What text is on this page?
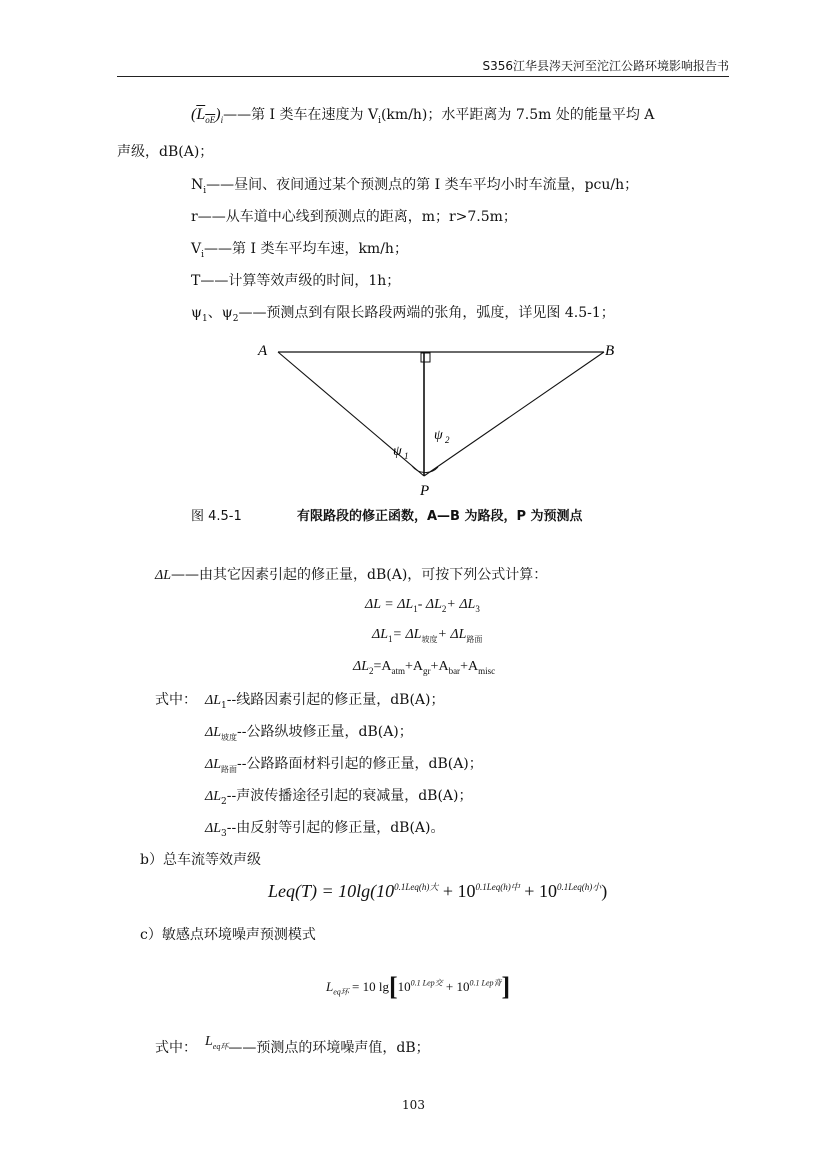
S356江华县涔天河至沱江公路环境影响报告书
$(L_{oE})_i——$第 I 类车在速度为 $V_i(km/h)$；水平距离为 7.5m 处的能量平均 A
声级，dB(A)；
$N_i——$昼间、夜间通过某个预测点的第 I 类车平均小时车流量，pcu/h；
r——从车道中心线到预测点的距离，m；r>7.5m；
$V_i——$第 I 类车平均车速，km/h；
T——计算等效声级的时间，1h；
$\psi_1$、$\psi_2——$预测点到有限长路段两端的张角，弧度，详见图 4.5-1；
A	B
P
ψ 1
ψ 2
图 4.5-1	有限路段的修正函数，A—B 为路段，P 为预测点
ΔL——由其它因素引起的修正量，dB(A)，可按下列公式计算：
$\Delta L = \Delta L_1-$ $\Delta L_2+ \Delta L_3$
$\Delta L_1= \Delta L_{坡度}+ \Delta L_{路面}$
$\Delta L_2=A_{atm}+A_{gr}+A_{bar}+A_{misc}$
式中： $\Delta L_1--$线路因素引起的修正量，dB(A)；
$\Delta L_{坡度}--$公路纵坡修正量，dB(A)；
$\Delta L_{路面}--$公路路面材料引起的修正量，dB(A)；
$\Delta L_2--$声波传播途径引起的衰减量，dB(A)；
$\Delta L_3--$由反射等引起的修正量，dB(A)。
b）总车流等效声级
$Leq(T) = 10\lg(10^{0.1Leq(h)大} + 10^{0.1Leq(h)中} + 10^{0.1Leq(h)小})$
c）敏感点环境噪声预测模式
$L_{eq环} = 10$ $\lg[10^{0.1 Lep交} + 10^{0.1 Lep背}]$
式中： $L_{eq环}——$预测点的环境噪声值，dB；
103
